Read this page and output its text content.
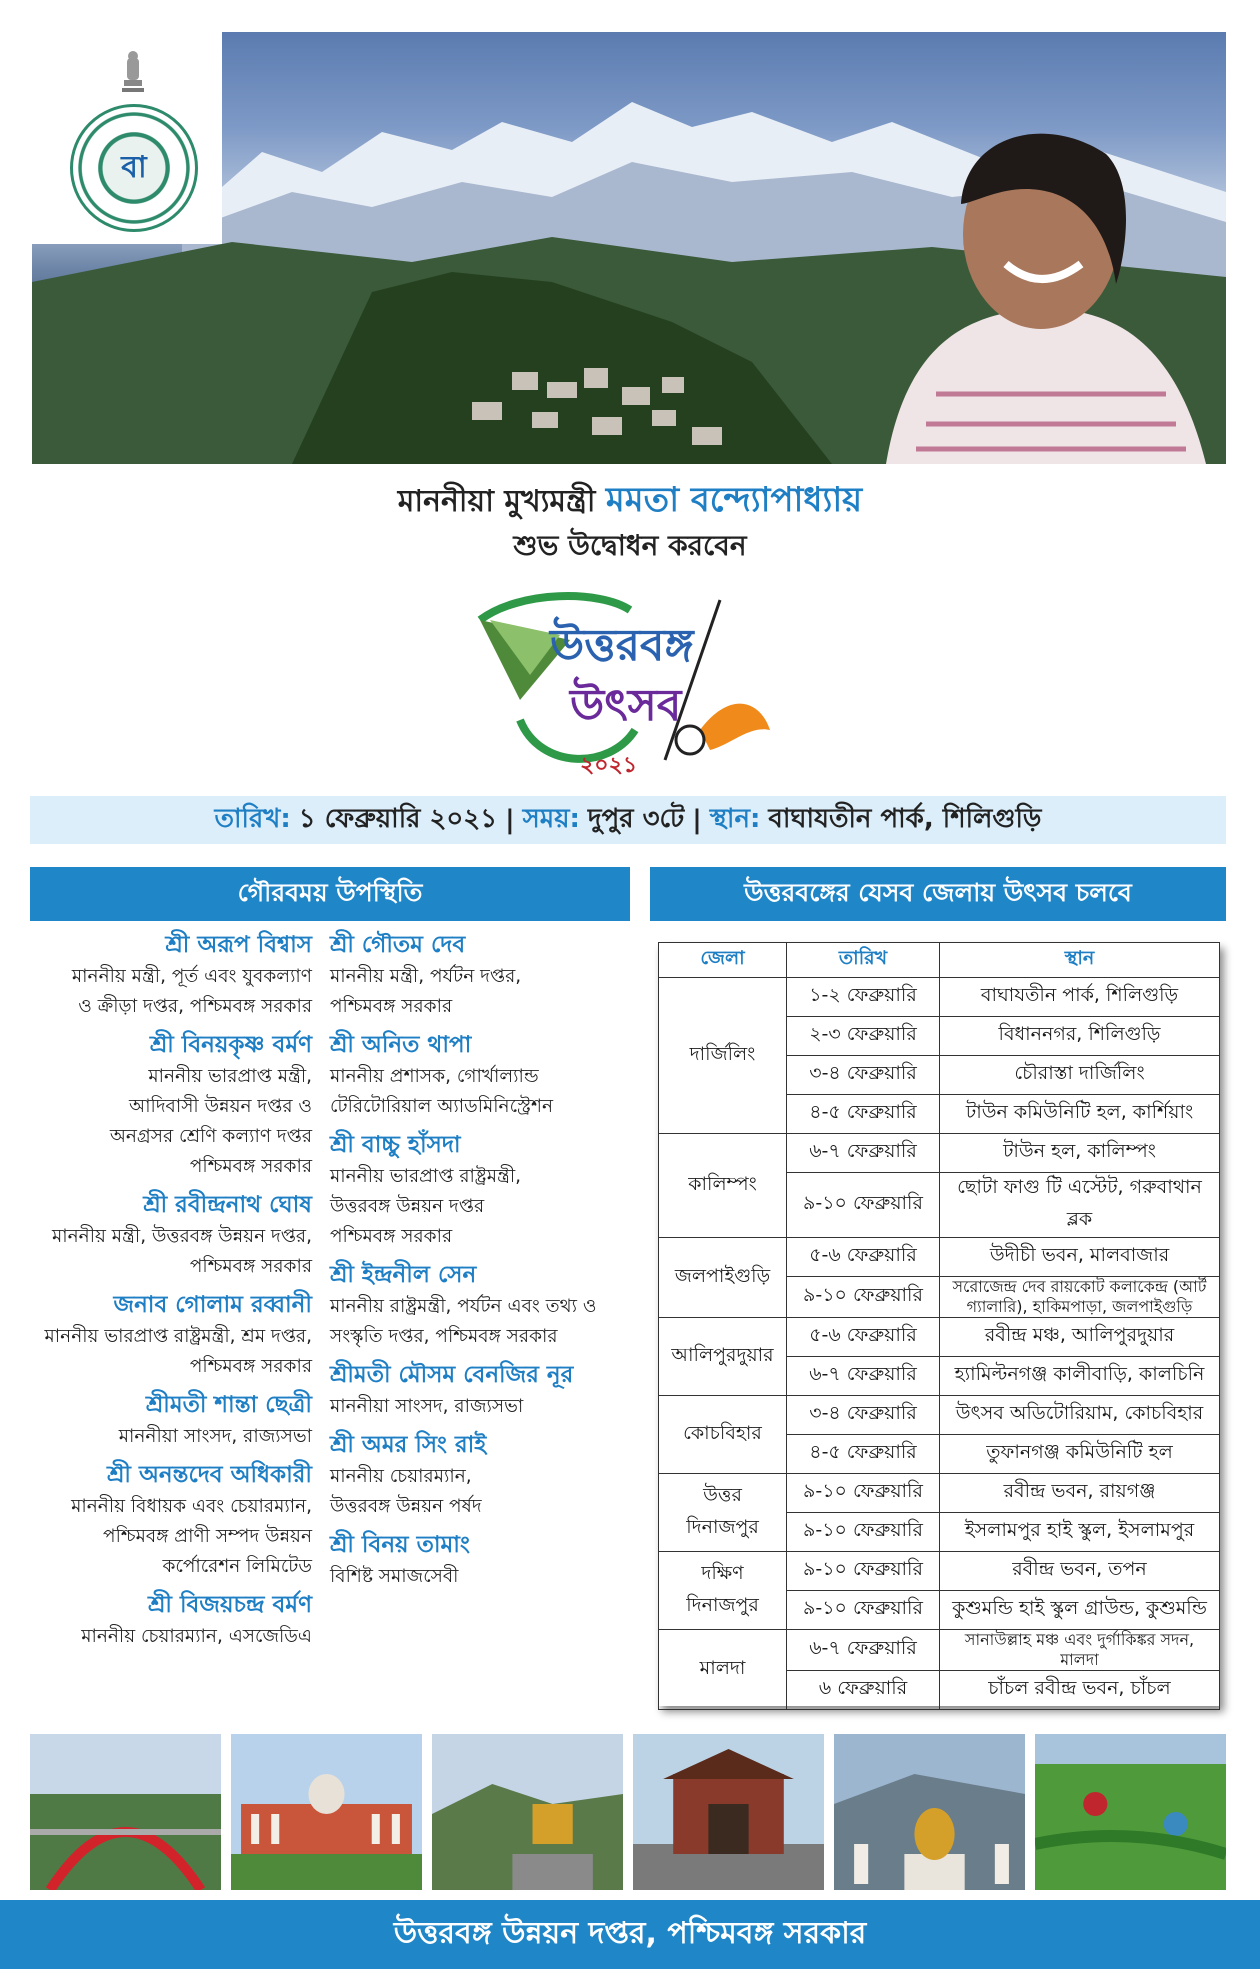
বা
মাননীয়া মুখ্যমন্ত্রী মমতা বন্দ্যোপাধ্যায়
শুভ উদ্বোধন করবেন
উত্তরবঙ্গ
উৎসব
২০২১
তারিখ: ১ ফেব্রুয়ারি ২০২১ | সময়: দুপুর ৩টে | স্থান: বাঘাযতীন পার্ক, শিলিগুড়ি
গৌরবময় উপস্থিতি	উত্তরবঙ্গের যেসব জেলায় উৎসব চলবে
শ্রী অরূপ বিশ্বাস
মাননীয় মন্ত্রী, পূর্ত এবং যুবকল্যাণ
ও ক্রীড়া দপ্তর, পশ্চিমবঙ্গ সরকার
শ্রী বিনয়কৃষ্ণ বর্মণ
মাননীয় ভারপ্রাপ্ত মন্ত্রী,
আদিবাসী উন্নয়ন দপ্তর ও
অনগ্রসর শ্রেণি কল্যাণ দপ্তর
পশ্চিমবঙ্গ সরকার
শ্রী রবীন্দ্রনাথ ঘোষ
মাননীয় মন্ত্রী, উত্তরবঙ্গ উন্নয়ন দপ্তর,
পশ্চিমবঙ্গ সরকার
জনাব গোলাম রব্বানী
মাননীয় ভারপ্রাপ্ত রাষ্ট্রমন্ত্রী, শ্রম দপ্তর,
পশ্চিমবঙ্গ সরকার
শ্রীমতী শান্তা ছেত্রী
মাননীয়া সাংসদ, রাজ্যসভা
শ্রী অনন্তদেব অধিকারী
মাননীয় বিধায়ক এবং চেয়ারম্যান,
পশ্চিমবঙ্গ প্রাণী সম্পদ উন্নয়ন
কর্পোরেশন লিমিটেড
শ্রী বিজয়চন্দ্র বর্মণ
মাননীয় চেয়ারম্যান, এসজেডিএ
শ্রী গৌতম দেব
মাননীয় মন্ত্রী, পর্যটন দপ্তর,
পশ্চিমবঙ্গ সরকার
শ্রী অনিত থাপা
মাননীয় প্রশাসক, গোর্খাল্যান্ড
টেরিটোরিয়াল অ্যাডমিনিস্ট্রেশন
শ্রী বাচ্চু হাঁসদা
মাননীয় ভারপ্রাপ্ত রাষ্ট্রমন্ত্রী,
উত্তরবঙ্গ উন্নয়ন দপ্তর
পশ্চিমবঙ্গ সরকার
শ্রী ইন্দ্রনীল সেন
মাননীয় রাষ্ট্রমন্ত্রী, পর্যটন এবং তথ্য ও
সংস্কৃতি দপ্তর, পশ্চিমবঙ্গ সরকার
শ্রীমতী মৌসম বেনজির নূর
মাননীয়া সাংসদ, রাজ্যসভা
শ্রী অমর সিং রাই
মাননীয় চেয়ারম্যান,
উত্তরবঙ্গ উন্নয়ন পর্ষদ
শ্রী বিনয় তামাং
বিশিষ্ট সমাজসেবী
জেলা	তারিখ	স্থান
দার্জিলিং	১-২ ফেব্রুয়ারি	বাঘাযতীন পার্ক, শিলিগুড়ি
	২-৩ ফেব্রুয়ারি	বিধাননগর, শিলিগুড়ি
	৩-৪ ফেব্রুয়ারি	চৌরাস্তা দার্জিলিং
	৪-৫ ফেব্রুয়ারি	টাউন কমিউনিটি হল, কার্শিয়াং
কালিম্পং	৬-৭ ফেব্রুয়ারি	টাউন হল, কালিম্পং
	৯-১০ ফেব্রুয়ারি	ছোটা ফাগু টি এস্টেট, গরুবাথান ব্লক
জলপাইগুড়ি	৫-৬ ফেব্রুয়ারি	উদীচী ভবন, মালবাজার
	৯-১০ ফেব্রুয়ারি	সরোজেন্দ্র দেব রায়কোট কলাকেন্দ্র (আর্ট গ্যালারি), হাকিমপাড়া, জলপাইগুড়ি
আলিপুরদুয়ার	৫-৬ ফেব্রুয়ারি	রবীন্দ্র মঞ্চ, আলিপুরদুয়ার
	৬-৭ ফেব্রুয়ারি	হ্যামিল্টনগঞ্জ কালীবাড়ি, কালচিনি
কোচবিহার	৩-৪ ফেব্রুয়ারি	উৎসব অডিটোরিয়াম, কোচবিহার
	৪-৫ ফেব্রুয়ারি	তুফানগঞ্জ কমিউনিটি হল
উত্তর দিনাজপুর	৯-১০ ফেব্রুয়ারি	রবীন্দ্র ভবন, রায়গঞ্জ
	৯-১০ ফেব্রুয়ারি	ইসলামপুর হাই স্কুল, ইসলামপুর
দক্ষিণ দিনাজপুর	৯-১০ ফেব্রুয়ারি	রবীন্দ্র ভবন, তপন
	৯-১০ ফেব্রুয়ারি	কুশুমন্ডি হাই স্কুল গ্রাউন্ড, কুশুমন্ডি
মালদা	৬-৭ ফেব্রুয়ারি	সানাউল্লাহ মঞ্চ এবং দুর্গাকিঙ্কর সদন, মালদা
	৬ ফেব্রুয়ারি	চাঁচল রবীন্দ্র ভবন, চাঁচল
উত্তরবঙ্গ উন্নয়ন দপ্তর, পশ্চিমবঙ্গ সরকার
